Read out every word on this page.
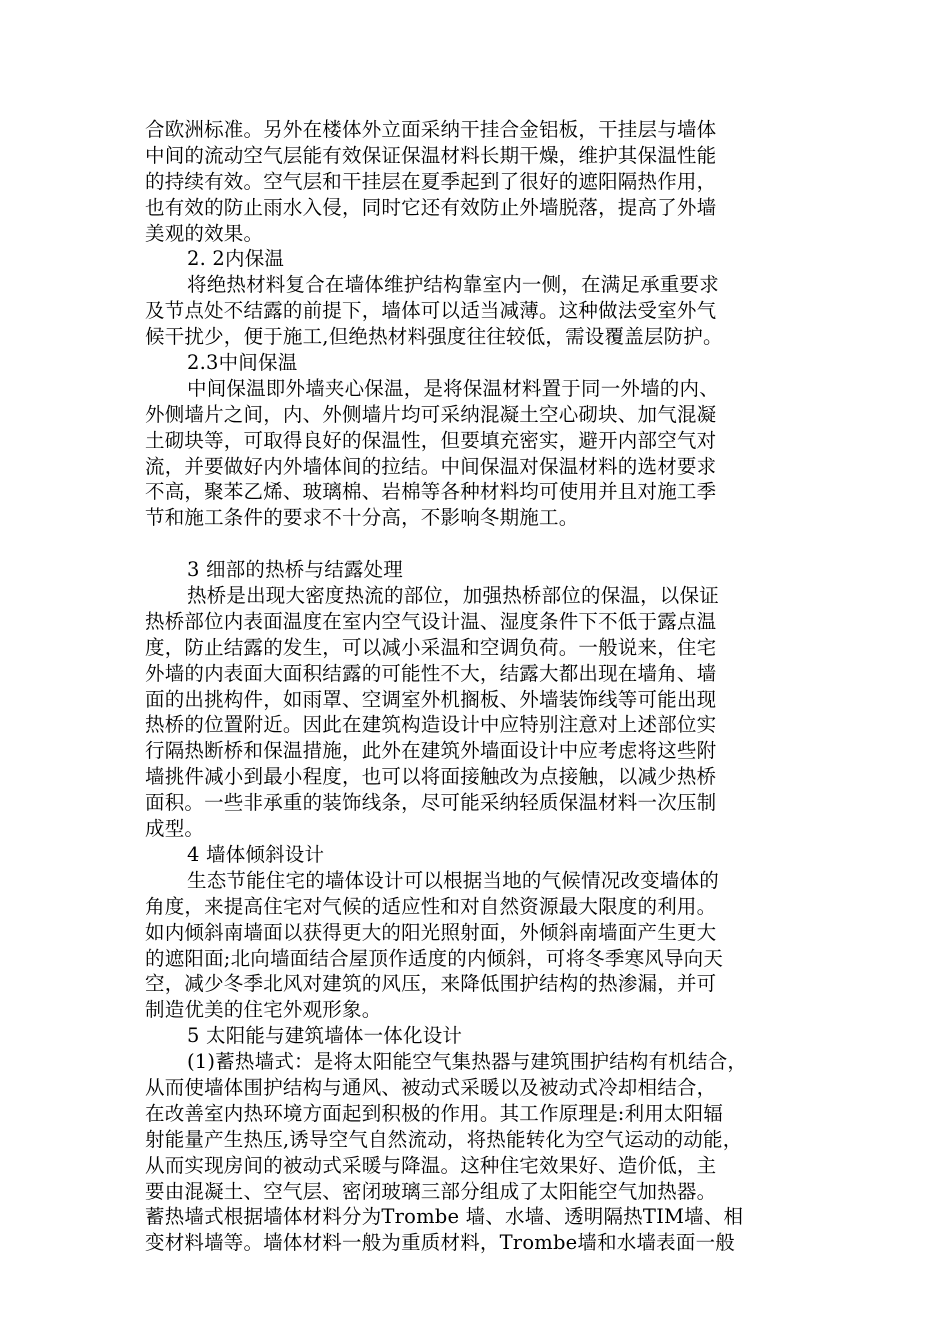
合欧洲标准。另外在楼体外立面采纳干挂合金铝板，干挂层与墙体
中间的流动空气层能有效保证保温材料长期干燥，维护其保温性能
的持续有效。空气层和干挂层在夏季起到了很好的遮阳隔热作用，
也有效的防止雨水入侵，同时它还有效防止外墙脱落，提高了外墙
美观的效果。
2. 2内保温
将绝热材料复合在墙体维护结构靠室内一侧，在满足承重要求
及节点处不结露的前提下，墙体可以适当减薄。这种做法受室外气
候干扰少，便于施工,但绝热材料强度往往较低，需设覆盖层防护。
2.3中间保温
中间保温即外墙夹心保温，是将保温材料置于同一外墙的内、
外侧墙片之间，内、外侧墙片均可采纳混凝土空心砌块、加气混凝
土砌块等，可取得良好的保温性，但要填充密实，避开内部空气对
流，并要做好内外墙体间的拉结。中间保温对保温材料的选材要求
不高，聚苯乙烯、玻璃棉、岩棉等各种材料均可使用并且对施工季
节和施工条件的要求不十分高，不影响冬期施工。
3 细部的热桥与结露处理
热桥是出现大密度热流的部位，加强热桥部位的保温，以保证
热桥部位内表面温度在室内空气设计温、湿度条件下不低于露点温
度，防止结露的发生，可以减小采温和空调负荷。一般说来，住宅
外墙的内表面大面积结露的可能性不大，结露大都出现在墙角、墙
面的出挑构件，如雨罩、空调室外机搁板、外墙装饰线等可能出现
热桥的位置附近。因此在建筑构造设计中应特别注意对上述部位实
行隔热断桥和保温措施，此外在建筑外墙面设计中应考虑将这些附
墙挑件减小到最小程度，也可以将面接触改为点接触，以减少热桥
面积。一些非承重的装饰线条，尽可能采纳轻质保温材料一次压制
成型。
4 墙体倾斜设计
生态节能住宅的墙体设计可以根据当地的气候情况改变墙体的
角度，来提高住宅对气候的适应性和对自然资源最大限度的利用。
如内倾斜南墙面以获得更大的阳光照射面，外倾斜南墙面产生更大
的遮阳面;北向墙面结合屋顶作适度的内倾斜，可将冬季寒风导向天
空，减少冬季北风对建筑的风压，来降低围护结构的热渗漏，并可
制造优美的住宅外观形象。
5 太阳能与建筑墙体一体化设计
(1)蓄热墙式：是将太阳能空气集热器与建筑围护结构有机结合，
从而使墙体围护结构与通风、被动式采暖以及被动式冷却相结合，
在改善室内热环境方面起到积极的作用。其工作原理是:利用太阳辐
射能量产生热压,诱导空气自然流动，将热能转化为空气运动的动能，
从而实现房间的被动式采暖与降温。这种住宅效果好、造价低，主
要由混凝土、空气层、密闭玻璃三部分组成了太阳能空气加热器。
蓄热墙式根据墙体材料分为Trombe 墙、水墙、透明隔热TIM墙、相
变材料墙等。墙体材料一般为重质材料，Trombe墙和水墙表面一般
